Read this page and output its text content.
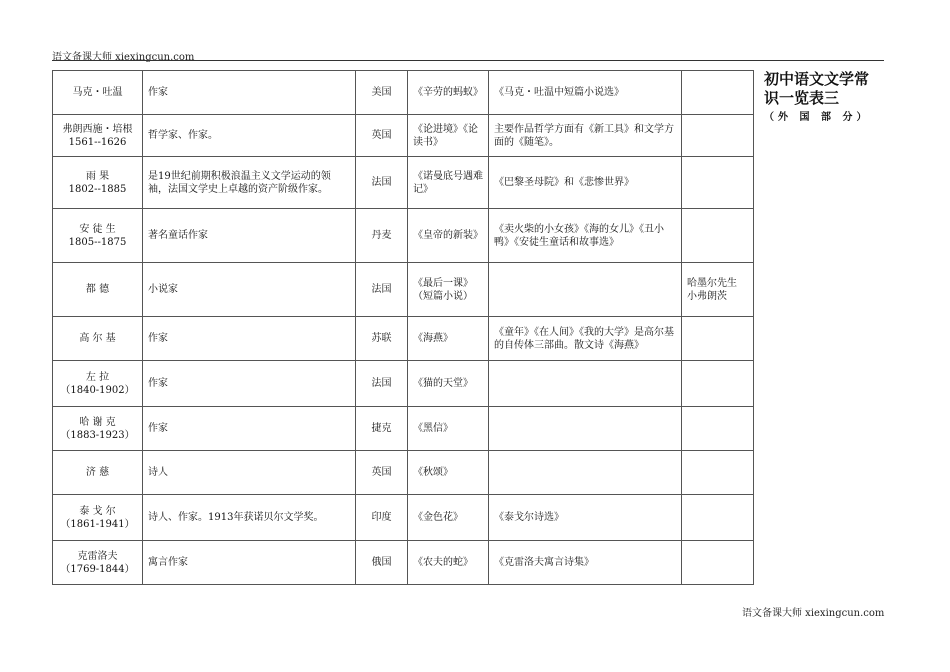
语文备课大师 xiexingcun.com
马克・吐温	作家	美国	《辛劳的蚂蚁》	《马克・吐温中短篇小说选》	

弗朗西施・培根
1561--1626	哲学家、作家。	英国	《论进境》《论读书》	主要作品哲学方面有《新工具》和文学方面的《随笔》。	

雨 果
1802--1885	是19世纪前期积极浪温主义文学运动的领袖，法国文学史上卓越的资产阶级作家。	法国	《诺曼底号遇难记》	《巴黎圣母院》和《悲惨世界》	

安 徒 生
1805--1875	著名童话作家	丹麦	《皇帝的新装》	《卖火柴的小女孩》《海的女儿》《丑小鸭》《安徒生童话和故事选》	

都 德	小说家	法国	《最后一课》（短篇小说）		哈墨尔先生 小弗朗茨

高 尔 基	作家	苏联	《海燕》	《童年》《在人间》《我的大学》是高尔基的自传体三部曲。散文诗《海燕》	

左 拉
（1840-1902）	作家	法国	《猫的天堂》		

哈 谢 克
（1883-1923）	作家	捷克	《黑信》		

济 慈	诗人	英国	《秋颂》		

泰 戈 尔
（1861-1941）	诗人、作家。1913年获诺贝尔文学奖。	印度	《金色花》	《泰戈尔诗选》	

克雷洛夫
（1769-1844）	寓言作家	俄国	《农夫的蛇》	《克雷洛夫寓言诗集》	
初中语文文学常识一览表三
（外 国 部 分）
语文备课大师 xiexingcun.com
